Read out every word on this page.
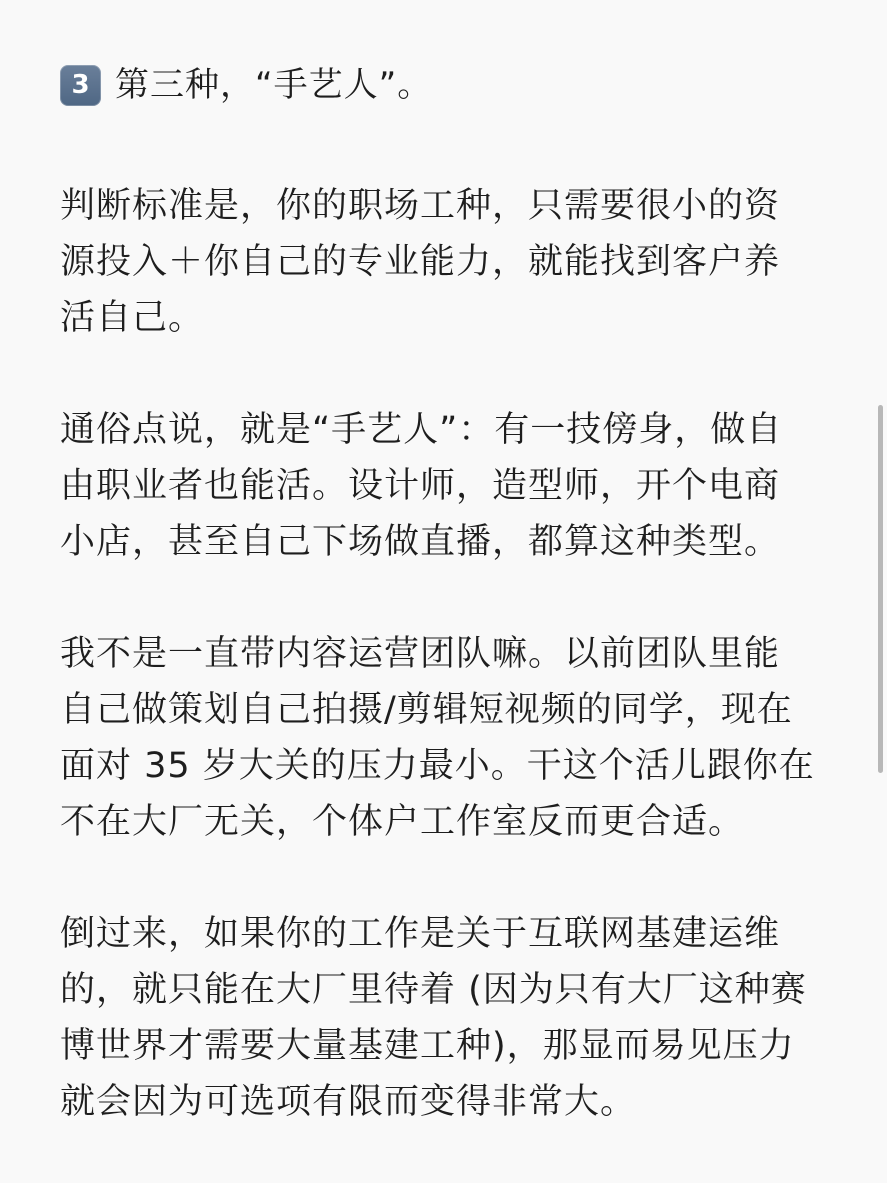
3 第三种，“手艺人”。
判断标准是，你的职场工种，只需要很小的资
源投入＋你自己的专业能力，就能找到客户养
活自己。
通俗点说，就是“手艺人”：有一技傍身，做自
由职业者也能活。设计师，造型师，开个电商
小店，甚至自己下场做直播，都算这种类型。
我不是一直带内容运营团队嘛。以前团队里能
自己做策划自己拍摄/剪辑短视频的同学，现在
面对 35 岁大关的压力最小。干这个活儿跟你在
不在大厂无关，个体户工作室反而更合适。
倒过来，如果你的工作是关于互联网基建运维
的，就只能在大厂里待着 (因为只有大厂这种赛
博世界才需要大量基建工种)，那显而易见压力
就会因为可选项有限而变得非常大。
